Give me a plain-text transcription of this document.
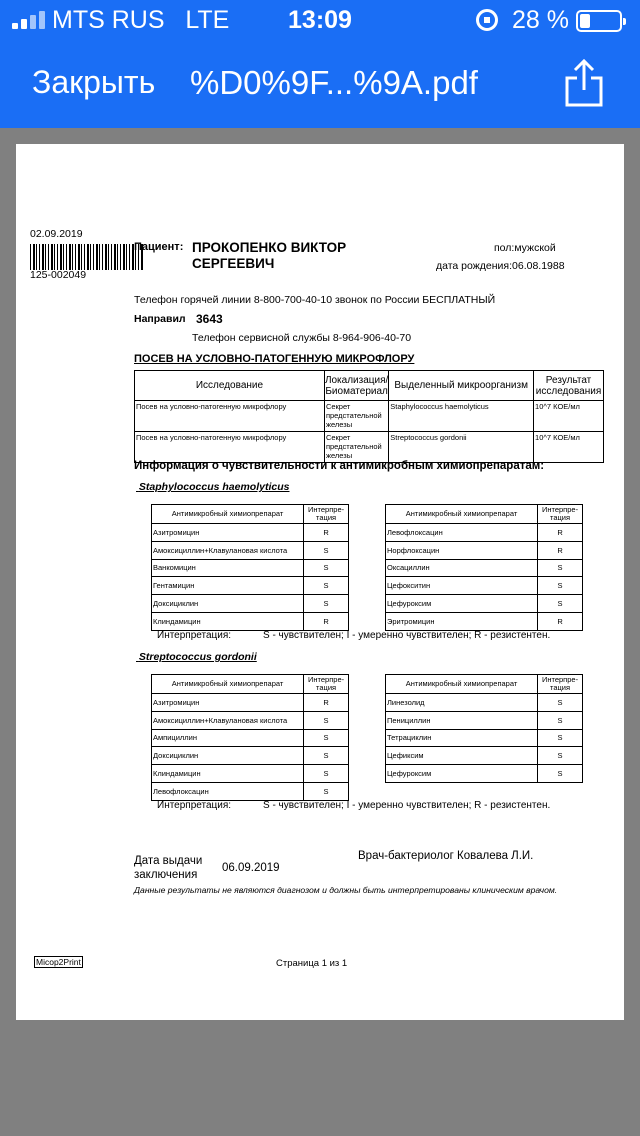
MTS RUS LTE	13:09	28 %
Закрыть %D0%9F...%9A.pdf
02.09.2019
125-002049
Пациент: ПРОКОПЕНКО ВИКТОР
СЕРГЕЕВИЧ
пол:мужской
дата рождения:06.08.1988
Телефон горячей линии 8-800-700-40-10 звонок по России БЕСПЛАТНЫЙ
Направил 3643
Телефон сервисной службы 8-964-906-40-70
ПОСЕВ НА УСЛОВНО-ПАТОГЕННУЮ МИКРОФЛОРУ
Исследование	Локализация/ Биоматериал	Выделенный микроорганизм	Результат исследования
Посев на условно-патогенную микрофлору	Секрет предстательной железы	Staphylococcus haemolyticus	10^7 КОЕ/мл
Посев на условно-патогенную микрофлору	Секрет предстательной железы	Streptococcus gordonii	10^7 КОЕ/мл
Информация о чувствительности к антимикробным химиопрепаратам:
Staphylococcus haemolyticus
Антимикробный химиопрепарат	Интерпре- тация
Азитромицин	R
Амоксициллин+Клавулановая кислота	S
Ванкомицин	S
Гентамицин	S
Доксициклин	S
Клиндамицин	R
Антимикробный химиопрепарат	Интерпре- тация
Левофлоксацин	R
Норфлоксацин	R
Оксациллин	S
Цефокситин	S
Цефуроксим	S
Эритромицин	R
Интерпретация:	S - чувствителен; I - умеренно чувствителен; R - резистентен.
Streptococcus gordonii
Антимикробный химиопрепарат	Интерпре- тация
Азитромицин	R
Амоксициллин+Клавулановая кислота	S
Ампициллин	S
Доксициклин	S
Клиндамицин	S
Левофлоксацин	S
Антимикробный химиопрепарат	Интерпре- тация
Линезолид	S
Пенициллин	S
Тетрациклин	S
Цефиксим	S
Цефуроксим	S
Интерпретация:	S - чувствителен; I - умеренно чувствителен; R - резистентен.
Дата выдачи
заключения
06.09.2019
Врач-бактериолог Ковалева Л.И.
Данные результаты не являются диагнозом и должны быть интерпретированы клиническим врачом.
Micop2Print	Страница 1 из 1
